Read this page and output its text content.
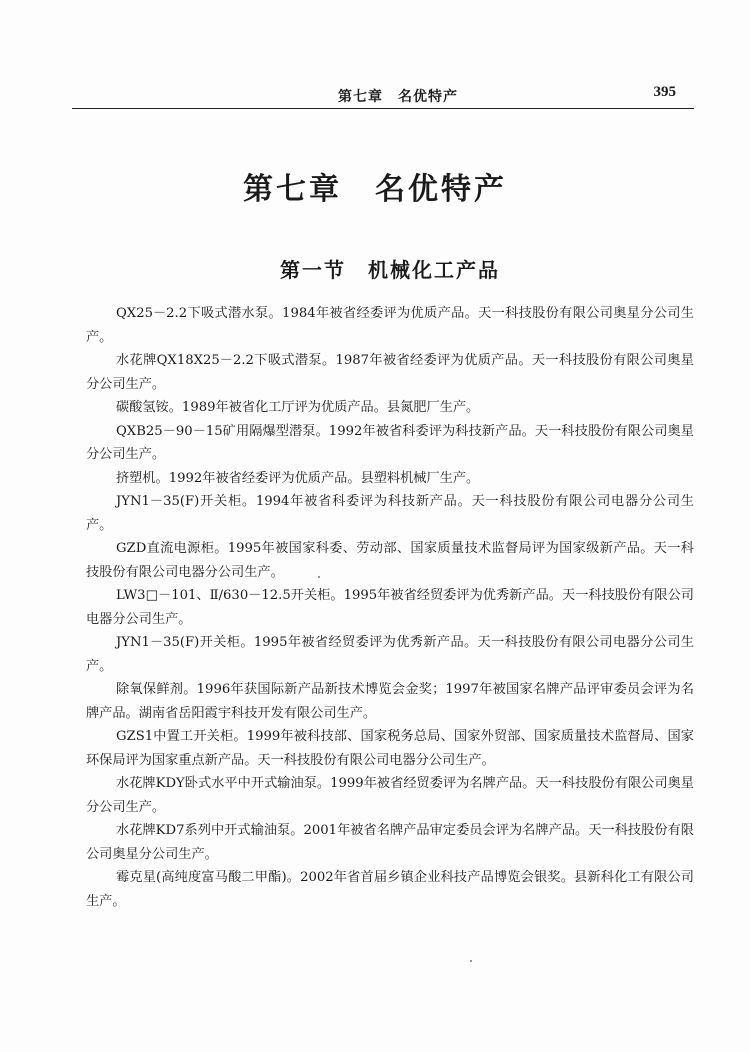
第七章　名优特产	395
第七章　名优特产
第一节　机械化工产品

QX25－2.2下吸式潜水泵。1984年被省经委评为优质产品。天一科技股份有限公司奥星分公司生产。

水花牌QX18X25－2.2下吸式潜泵。1987年被省经委评为优质产品。天一科技股份有限公司奥星分公司生产。

碳酸氢铵。1989年被省化工厅评为优质产品。县氮肥厂生产。

QXB25－90－15矿用隔爆型潜泵。1992年被省科委评为科技新产品。天一科技股份有限公司奥星分公司生产。

挤塑机。1992年被省经委评为优质产品。县塑料机械厂生产。

JYN1－35(F)开关柜。1994年被省科委评为科技新产品。天一科技股份有限公司电器分公司生产。

GZD直流电源柜。1995年被国家科委、劳动部、国家质量技术监督局评为国家级新产品。天一科技股份有限公司电器分公司生产。

LW3□－101、Ⅱ/630－12.5开关柜。1995年被省经贸委评为优秀新产品。天一科技股份有限公司电器分公司生产。

JYN1－35(F)开关柜。1995年被省经贸委评为优秀新产品。天一科技股份有限公司电器分公司生产。

除氧保鲜剂。1996年获国际新产品新技术博览会金奖；1997年被国家名牌产品评审委员会评为名牌产品。湖南省岳阳霞宇科技开发有限公司生产。

GZS1中置工开关柜。1999年被科技部、国家税务总局、国家外贸部、国家质量技术监督局、国家环保局评为国家重点新产品。天一科技股份有限公司电器分公司生产。

水花牌KDY卧式水平中开式输油泵。1999年被省经贸委评为名牌产品。天一科技股份有限公司奥星分公司生产。

水花牌KD7系列中开式输油泵。2001年被省名牌产品审定委员会评为名牌产品。天一科技股份有限公司奥星分公司生产。

霉克星(高纯度富马酸二甲酯)。2002年省首届乡镇企业科技产品博览会银奖。县新科化工有限公司生产。
